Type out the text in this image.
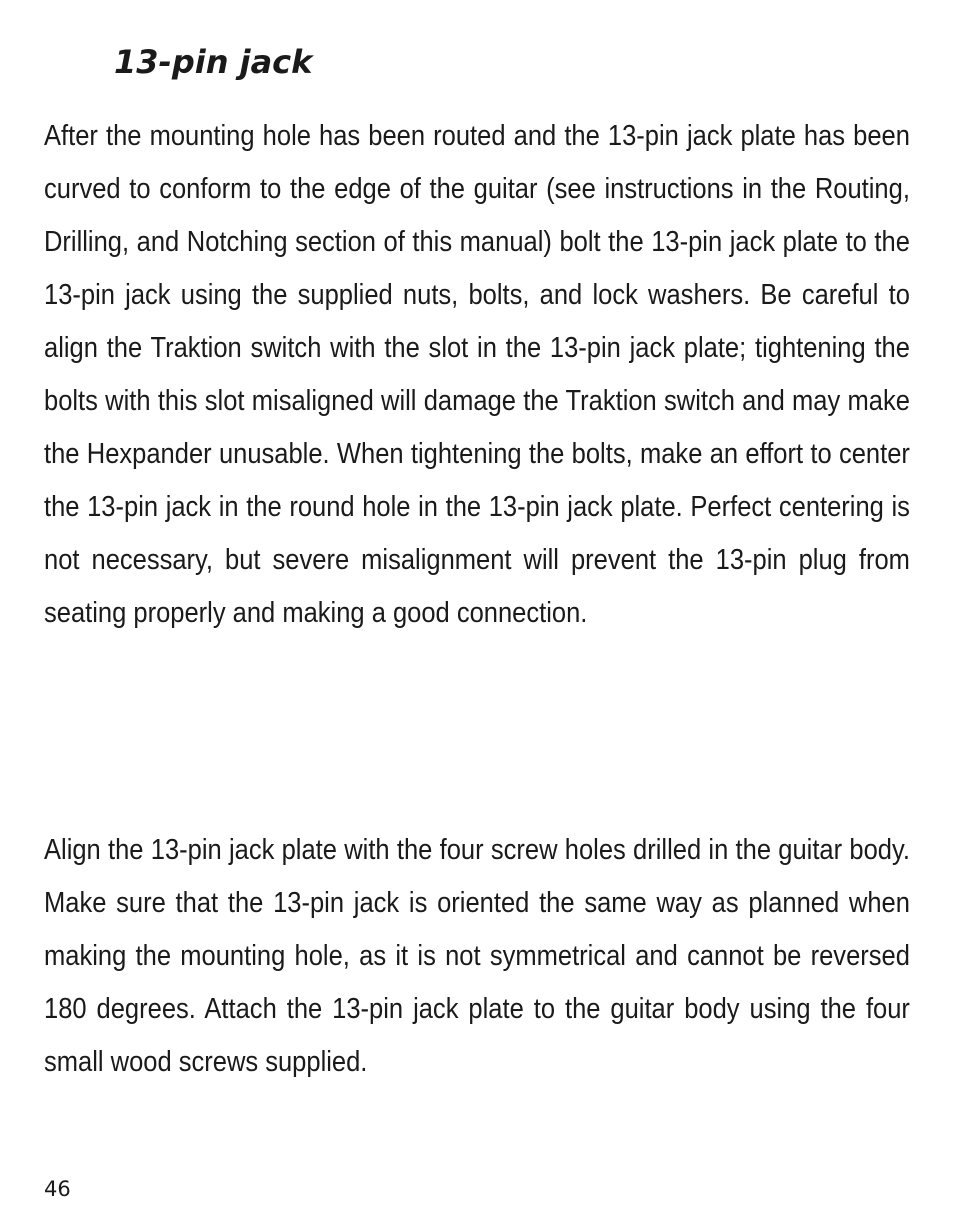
13-pin jack

After the mounting hole has been routed and the 13-pin jack plate has been curved to conform to the edge of the guitar (see instructions in the Routing, Drilling, and Notching section of this manual) bolt the 13-pin jack plate to the 13-pin jack using the supplied nuts, bolts, and lock washers. Be careful to align the Traktion switch with the slot in the 13-pin jack plate; tightening the bolts with this slot misaligned will damage the Traktion switch and may make the Hexpander unusable. When tightening the bolts, make an effort to center the 13-pin jack in the round hole in the 13-pin jack plate. Perfect centering is not necessary, but severe misalignment will prevent the 13-pin plug from seating properly and making a good connection.

Align the 13-pin jack plate with the four screw holes drilled in the guitar body. Make sure that the 13-pin jack is oriented the same way as planned when making the mounting hole, as it is not symmetrical and cannot be reversed 180 degrees. Attach the 13-pin jack plate to the guitar body using the four small wood screws supplied.

46
